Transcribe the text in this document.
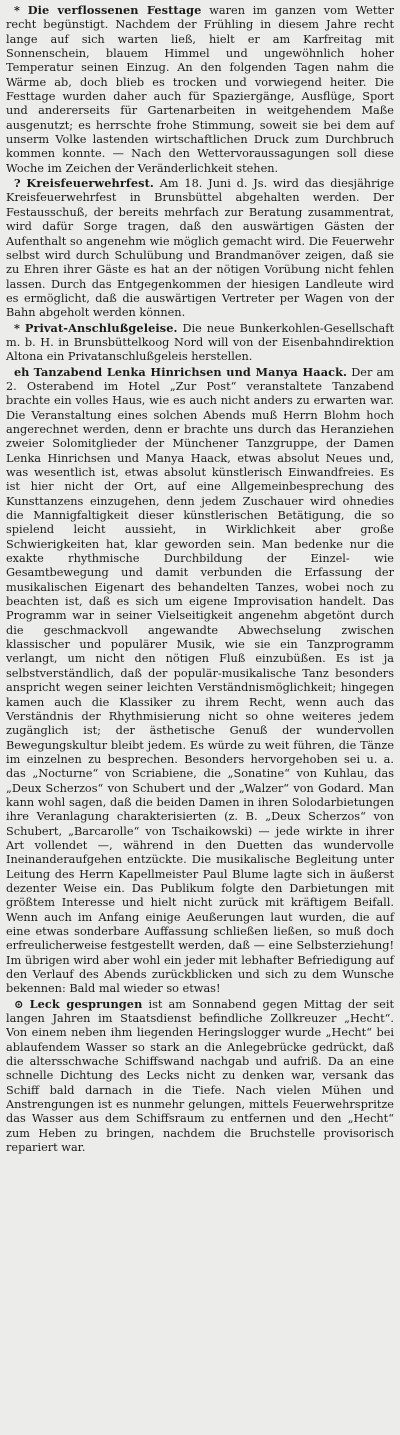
* Die verflossenen Festtage waren im ganzen vom Wetter recht begünstigt. Nachdem der Frühling in diesem Jahre recht lange auf sich warten ließ, hielt er am Karfreitag mit Sonnenschein, blauem Himmel und ungewöhnlich hoher Temperatur seinen Einzug. An den folgenden Tagen nahm die Wärme ab, doch blieb es trocken und vorwiegend heiter. Die Festtage wurden daher auch für Spaziergänge, Ausflüge, Sport und andererseits für Gartenarbeiten in weitgehendem Maße ausgenutzt; es herrschte frohe Stimmung, soweit sie bei dem auf unserm Volke lastenden wirtschaftlichen Druck zum Durchbruch kommen konnte. — Nach den Wettervoraussagungen soll diese Woche im Zeichen der Veränderlichkeit stehen.

? Kreisfeuerwehrfest. Am 18. Juni d. Js. wird das diesjährige Kreisfeuerwehrfest in Brunsbüttel abgehalten werden. Der Festausschuß, der bereits mehrfach zur Beratung zusammentrat, wird dafür Sorge tragen, daß den auswärtigen Gästen der Aufenthalt so angenehm wie möglich gemacht wird. Die Feuerwehr selbst wird durch Schulübung und Brandmanöver zeigen, daß sie zu Ehren ihrer Gäste es hat an der nötigen Vorübung nicht fehlen lassen. Durch das Entgegenkommen der hiesigen Landleute wird es ermöglicht, daß die auswärtigen Vertreter per Wagen von der Bahn abgeholt werden können.

* Privat-Anschlußgeleise. Die neue Bunkerkohlen-Gesellschaft m. b. H. in Brunsbüttelkoog Nord will von der Eisenbahndirektion Altona ein Privatanschlußgeleis herstellen.

eh Tanzabend Lenka Hinrichsen und Manya Haack. Der am 2. Osterabend im Hotel „Zur Post“ veranstaltete Tanzabend brachte ein volles Haus, wie es auch nicht anders zu erwarten war. Die Veranstaltung eines solchen Abends muß Herrn Blohm hoch angerechnet werden, denn er brachte uns durch das Heranziehen zweier Solomitglieder der Münchener Tanzgruppe, der Damen Lenka Hinrichsen und Manya Haack, etwas absolut Neues und, was wesentlich ist, etwas absolut künstlerisch Einwandfreies. Es ist hier nicht der Ort, auf eine Allgemeinbesprechung des Kunsttanzens einzugehen, denn jedem Zuschauer wird ohnedies die Mannigfaltigkeit dieser künstlerischen Betätigung, die so spielend leicht aussieht, in Wirklichkeit aber große Schwierigkeiten hat, klar geworden sein. Man bedenke nur die exakte rhythmische Durchbildung der Einzel- wie Gesamtbewegung und damit verbunden die Erfassung der musikalischen Eigenart des behandelten Tanzes, wobei noch zu beachten ist, daß es sich um eigene Improvisation handelt. Das Programm war in seiner Vielseitigkeit angenehm abgetönt durch die geschmackvoll angewandte Abwechselung zwischen klassischer und populärer Musik, wie sie ein Tanzprogramm verlangt, um nicht den nötigen Fluß einzubüßen. Es ist ja selbstverständlich, daß der populär-musikalische Tanz besonders anspricht wegen seiner leichten Verständnismöglichkeit; hingegen kamen auch die Klassiker zu ihrem Recht, wenn auch das Verständnis der Rhythmisierung nicht so ohne weiteres jedem zugänglich ist; der ästhetische Genuß der wundervollen Bewegungskultur bleibt jedem. Es würde zu weit führen, die Tänze im einzelnen zu besprechen. Besonders hervorgehoben sei u. a. das „Nocturne“ von Scriabiene, die „Sonatine“ von Kuhlau, das „Deux Scherzos“ von Schubert und der „Walzer“ von Godard. Man kann wohl sagen, daß die beiden Damen in ihren Solodarbietungen ihre Veranlagung charakterisierten (z. B. „Deux Scherzos“ von Schubert, „Barcarolle“ von Tschaikowski) — jede wirkte in ihrer Art vollendet —, während in den Duetten das wundervolle Ineinanderaufgehen entzückte. Die musikalische Begleitung unter Leitung des Herrn Kapellmeister Paul Blume lagte sich in äußerst dezenter Weise ein. Das Publikum folgte den Darbietungen mit größtem Interesse und hielt nicht zurück mit kräftigem Beifall. Wenn auch im Anfang einige Aeußerungen laut wurden, die auf eine etwas sonderbare Auffassung schließen ließen, so muß doch erfreulicherweise festgestellt werden, daß — eine Selbsterziehung! Im übrigen wird aber wohl ein jeder mit lebhafter Befriedigung auf den Verlauf des Abends zurückblicken und sich zu dem Wunsche bekennen: Bald mal wieder so etwas!

⊙ Leck gesprungen ist am Sonnabend gegen Mittag der seit langen Jahren im Staatsdienst befindliche Zollkreuzer „Hecht“. Von einem neben ihm liegenden Heringslogger wurde „Hecht“ bei ablaufendem Wasser so stark an die Anlegebrücke gedrückt, daß die altersschwache Schiffswand nachgab und aufriß. Da an eine schnelle Dichtung des Lecks nicht zu denken war, versank das Schiff bald darnach in die Tiefe. Nach vielen Mühen und Anstrengungen ist es nunmehr gelungen, mittels Feuerwehrspritze das Wasser aus dem Schiffsraum zu entfernen und den „Hecht“ zum Heben zu bringen, nachdem die Bruchstelle provisorisch repariert war.
